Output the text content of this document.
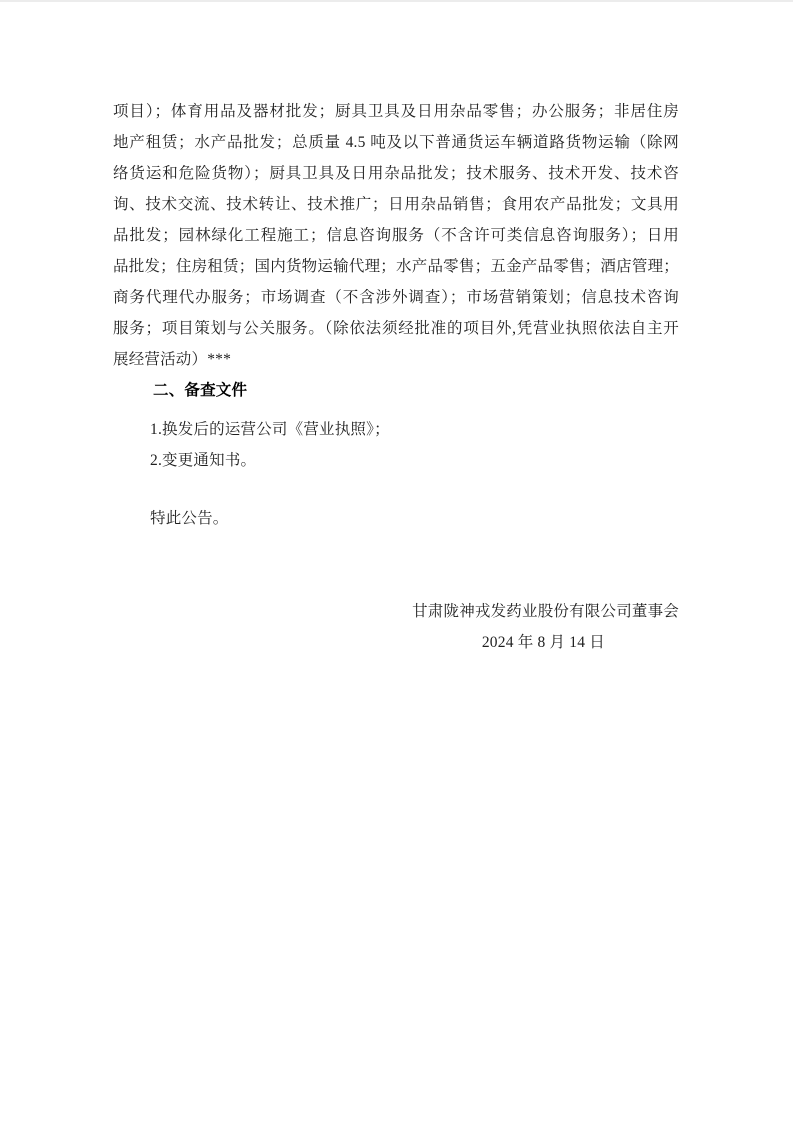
项目）；体育用品及器材批发；厨具卫具及日用杂品零售；办公服务；非居住房
地产租赁；水产品批发；总质量 4.5 吨及以下普通货运车辆道路货物运输（除网
络货运和危险货物）；厨具卫具及日用杂品批发；技术服务、技术开发、技术咨
询、技术交流、技术转让、技术推广；日用杂品销售；食用农产品批发；文具用
品批发；园林绿化工程施工；信息咨询服务（不含许可类信息咨询服务）；日用
品批发；住房租赁；国内货物运输代理；水产品零售；五金产品零售；酒店管理；
商务代理代办服务；市场调查（不含涉外调查）；市场营销策划；信息技术咨询
服务；项目策划与公关服务。（除依法须经批准的项目外,凭营业执照依法自主开
展经营活动）***
二、备查文件
1.换发后的运营公司《营业执照》；
2.变更通知书。
特此公告。
甘肃陇神戎发药业股份有限公司董事会
2024 年 8 月 14 日
